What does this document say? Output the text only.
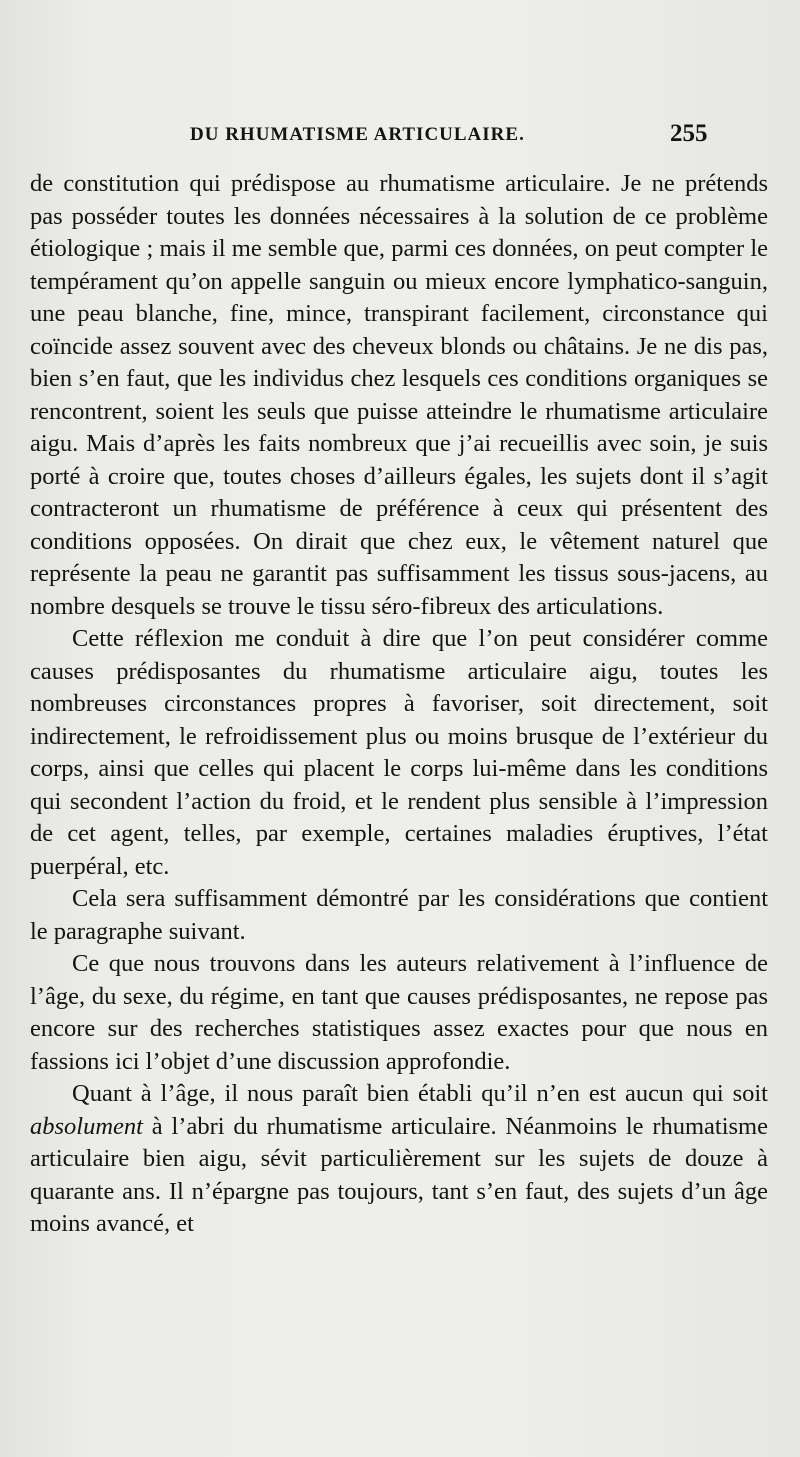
DU RHUMATISME ARTICULAIRE.	255

de constitution qui prédispose au rhumatisme articulaire. Je ne prétends pas posséder toutes les données nécessaires à la solution de ce problème étiologique ; mais il me semble que, parmi ces données, on peut compter le tempérament qu’on appelle sanguin ou mieux encore lymphatico-sanguin, une peau blanche, fine, mince, transpirant facilement, circonstance qui coïncide assez souvent avec des cheveux blonds ou châtains. Je ne dis pas, bien s’en faut, que les individus chez lesquels ces conditions organiques se rencontrent, soient les seuls que puisse atteindre le rhumatisme articulaire aigu. Mais d’après les faits nombreux que j’ai recueillis avec soin, je suis porté à croire que, toutes choses d’ailleurs égales, les sujets dont il s’agit contracteront un rhumatisme de préférence à ceux qui présentent des conditions opposées. On dirait que chez eux, le vêtement naturel que représente la peau ne garantit pas suffisamment les tissus sous-jacens, au nombre desquels se trouve le tissu séro-fibreux des articulations.

Cette réflexion me conduit à dire que l’on peut considérer comme causes prédisposantes du rhumatisme articulaire aigu, toutes les nombreuses circonstances propres à favoriser, soit directement, soit indirectement, le refroidissement plus ou moins brusque de l’extérieur du corps, ainsi que celles qui placent le corps lui-même dans les conditions qui secondent l’action du froid, et le rendent plus sensible à l’impression de cet agent, telles, par exemple, certaines maladies éruptives, l’état puerpéral, etc.

Cela sera suffisamment démontré par les considérations que contient le paragraphe suivant.

Ce que nous trouvons dans les auteurs relativement à l’influence de l’âge, du sexe, du régime, en tant que causes prédisposantes, ne repose pas encore sur des recherches statistiques assez exactes pour que nous en fassions ici l’objet d’une discussion approfondie.

Quant à l’âge, il nous paraît bien établi qu’il n’en est aucun qui soit absolument à l’abri du rhumatisme articulaire. Néanmoins le rhumatisme articulaire bien aigu, sévit particulièrement sur les sujets de douze à quarante ans. Il n’épargne pas toujours, tant s’en faut, des sujets d’un âge moins avancé, et
